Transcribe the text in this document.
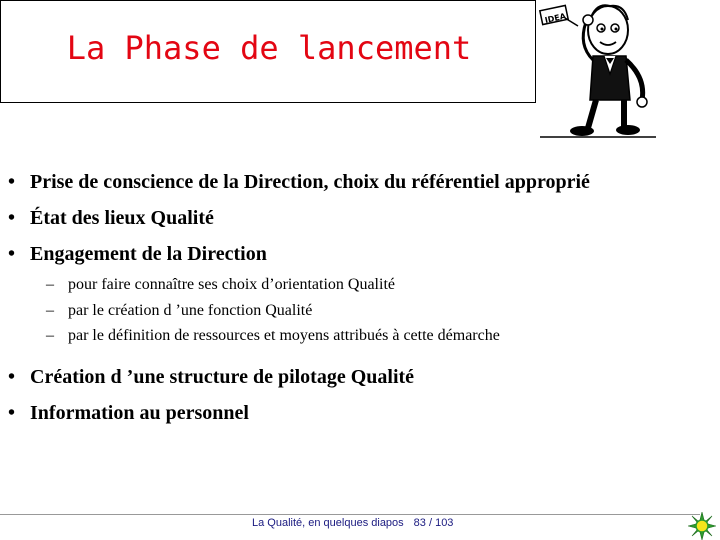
La Phase de lancement
IDEA
• Prise de conscience de la Direction, choix du référentiel approprié
• État des lieux Qualité
• Engagement de la Direction
– pour faire connaître ses choix d’orientation Qualité
– par le création d ’une fonction Qualité
– par le définition de ressources et moyens attribués à cette démarche
• Création d ’une structure de pilotage Qualité
• Information au personnel
La Qualité, en quelques diapos 83 / 103
